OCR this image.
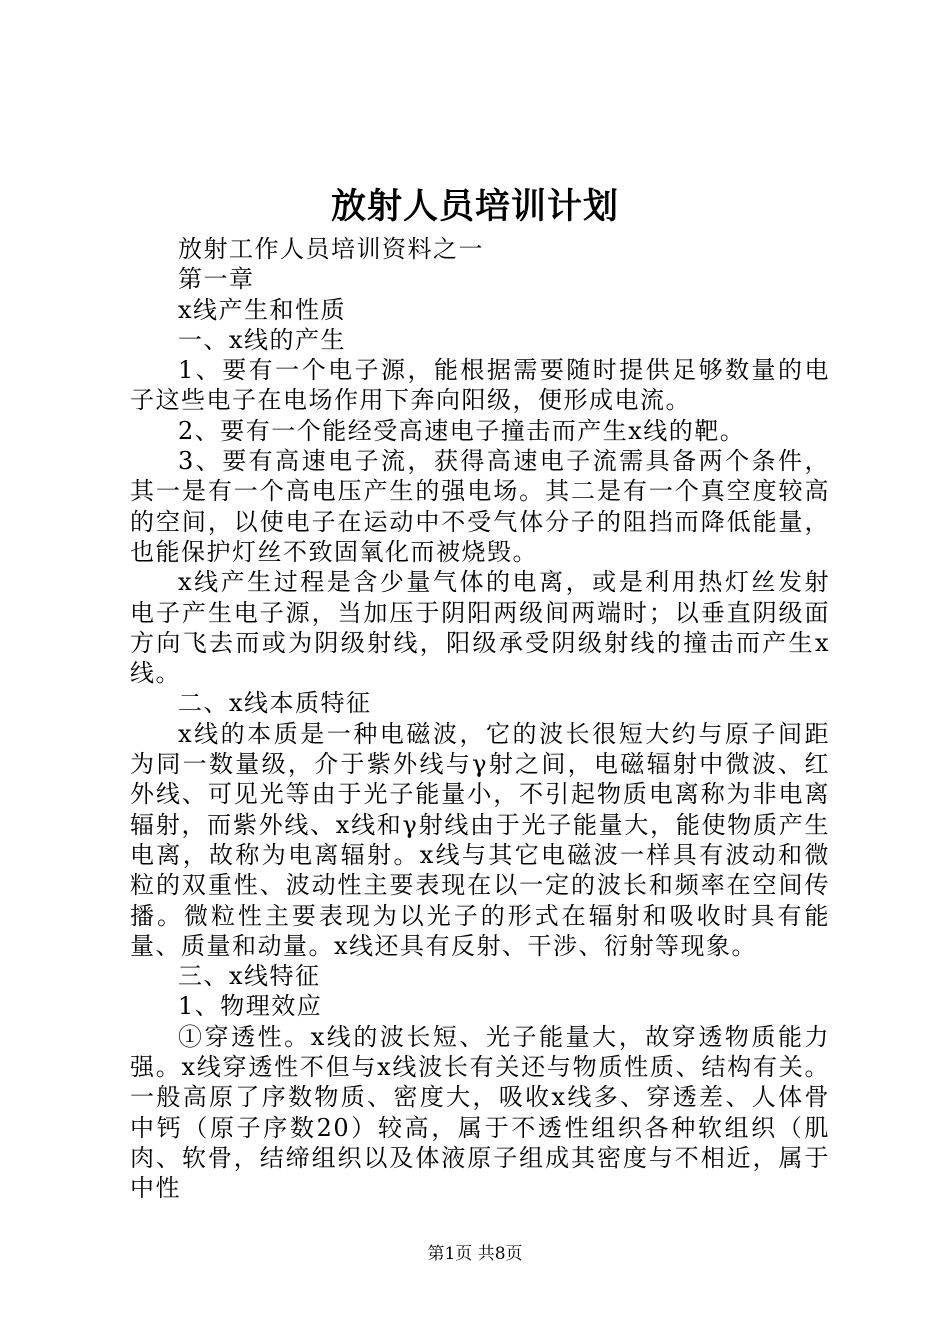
放射人员培训计划

放射工作人员培训资料之一

第一章

x线产生和性质

一、x线的产生

1、要有一个电子源，能根据需要随时提供足够数量的电子这些电子在电场作用下奔向阳级，便形成电流。

2、要有一个能经受高速电子撞击而产生x线的靶。

3、要有高速电子流，获得高速电子流需具备两个条件，其一是有一个高电压产生的强电场。其二是有一个真空度较高的空间，以使电子在运动中不受气体分子的阻挡而降低能量，也能保护灯丝不致固氧化而被烧毁。

x线产生过程是含少量气体的电离，或是利用热灯丝发射电子产生电子源，当加压于阴阳两级间两端时；以垂直阴级面方向飞去而或为阴级射线，阳级承受阴级射线的撞击而产生x线。

二、x线本质特征

x线的本质是一种电磁波，它的波长很短大约与原子间距为同一数量级，介于紫外线与γ射之间，电磁辐射中微波、红外线、可见光等由于光子能量小，不引起物质电离称为非电离辐射，而紫外线、x线和γ射线由于光子能量大，能使物质产生电离，故称为电离辐射。x线与其它电磁波一样具有波动和微粒的双重性、波动性主要表现在以一定的波长和频率在空间传播。微粒性主要表现为以光子的形式在辐射和吸收时具有能量、质量和动量。x线还具有反射、干涉、衍射等现象。

三、x线特征

1、物理效应

①穿透性。x线的波长短、光子能量大，故穿透物质能力强。x线穿透性不但与x线波长有关还与物质性质、结构有关。一般高原了序数物质、密度大，吸收x线多、穿透差、人体骨中钙（原子序数20）较高，属于不透性组织各种软组织（肌肉、软骨，结缔组织以及体液原子组成其密度与不相近，属于中性

第1页 共8页
